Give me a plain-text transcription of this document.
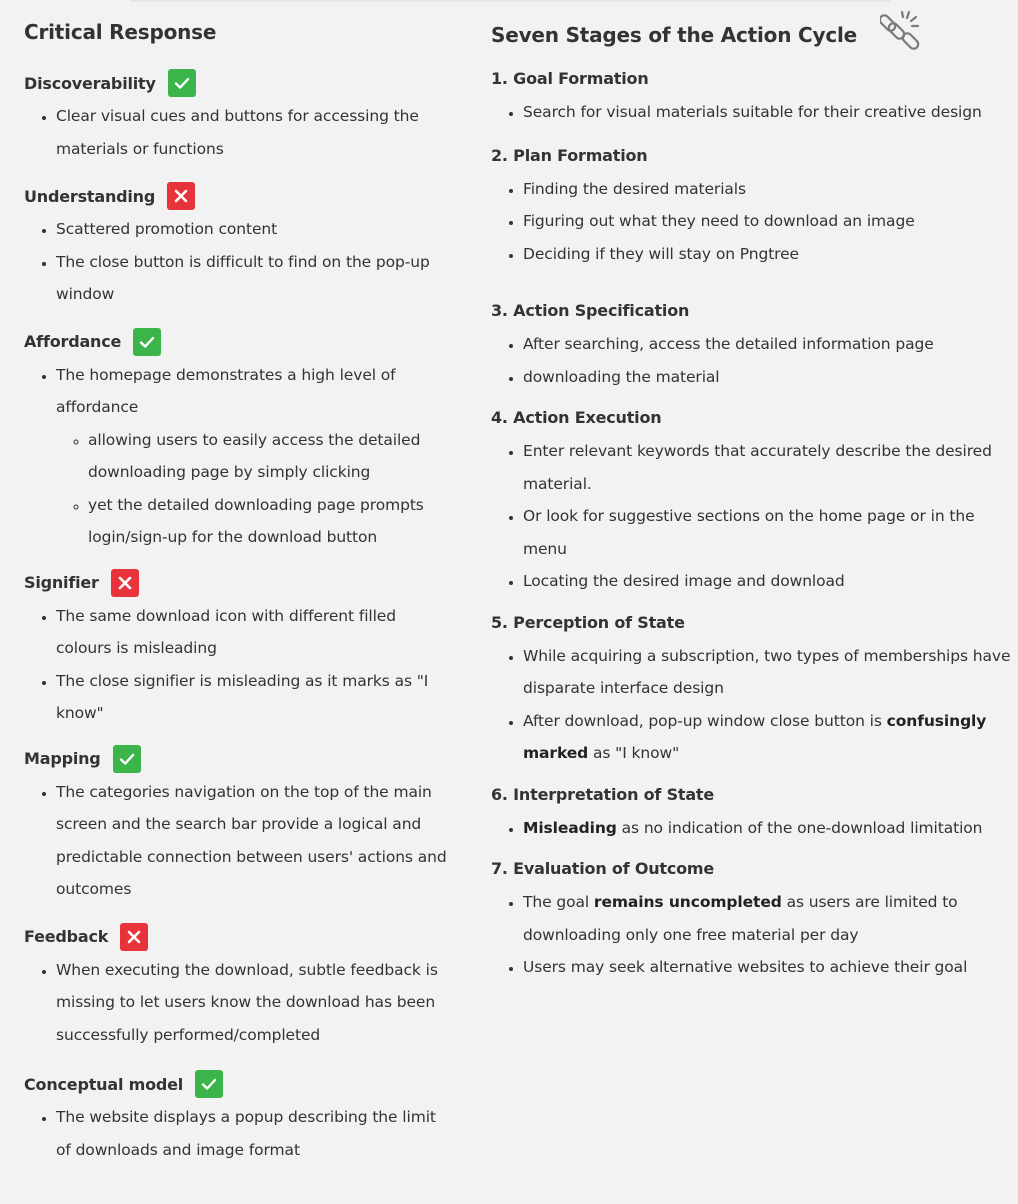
Critical Response
Discoverability
• Clear visual cues and buttons for accessing the materials or functions
Understanding
• Scattered promotion content
• The close button is difficult to find on the pop-up window
Affordance
• The homepage demonstrates a high level of affordance
◦ allowing users to easily access the detailed downloading page by simply clicking
◦ yet the detailed downloading page prompts login/sign-up for the download button
Signifier
• The same download icon with different filled colours is misleading
• The close signifier is misleading as it marks as "I know"
Mapping
• The categories navigation on the top of the main screen and the search bar provide a logical and predictable connection between users' actions and outcomes
Feedback
• When executing the download, subtle feedback is missing to let users know the download has been successfully performed/completed
Conceptual model
• The website displays a popup describing the limit of downloads and image format
Seven Stages of the Action Cycle
1. Goal Formation
• Search for visual materials suitable for their creative design
2. Plan Formation
• Finding the desired materials
• Figuring out what they need to download an image
• Deciding if they will stay on Pngtree
3. Action Specification
• After searching, access the detailed information page
• downloading the material
4. Action Execution
• Enter relevant keywords that accurately describe the desired material.
• Or look for suggestive sections on the home page or in the menu
• Locating the desired image and download
5. Perception of State
• While acquiring a subscription, two types of memberships have disparate interface design
• After download, pop-up window close button is confusingly marked as "I know"
6. Interpretation of State
• Misleading as no indication of the one-download limitation
7. Evaluation of Outcome
• The goal remains uncompleted as users are limited to downloading only one free material per day
• Users may seek alternative websites to achieve their goal
